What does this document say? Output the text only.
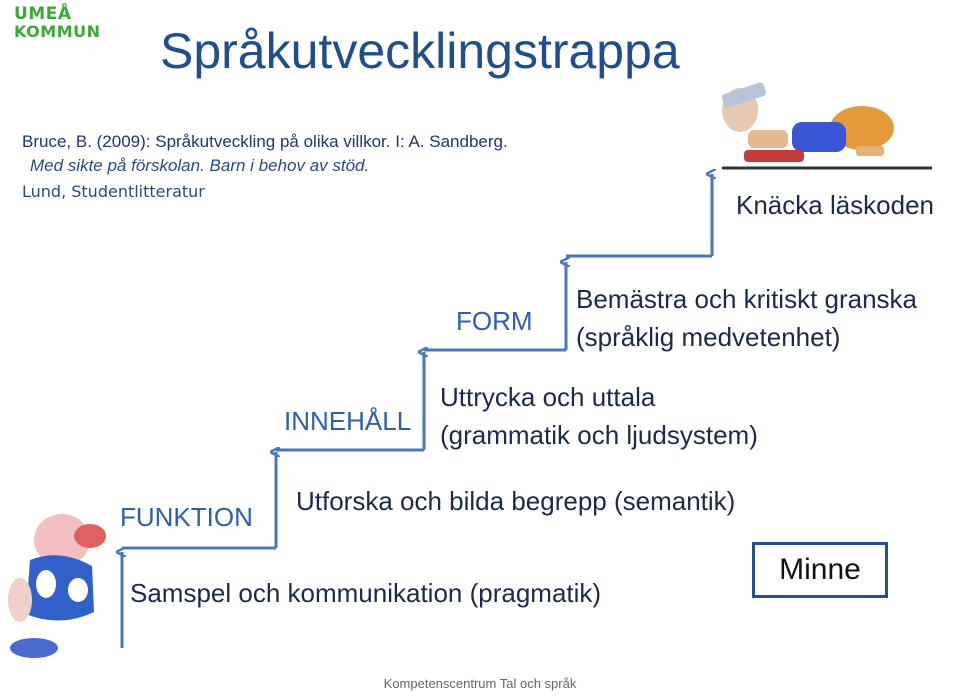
UMEÅ
KOMMUN	Språkutvecklingstrappa
Bruce, B. (2009): Språkutveckling på olika villkor. I: A. Sandberg.
Med sikte på förskolan. Barn i behov av stöd.
Lund, Studentlitteratur	Knäcka läskoden
FORM
Bemästra och kritiskt granska
(språklig medvetenhet)
INNEHÅLL
Uttrycka och uttala
(grammatik och ljudsystem)
FUNKTION
Utforska och bilda begrepp (semantik)
Samspel och kommunikation (pragmatik)
Minne
Kompetenscentrum Tal och språk
